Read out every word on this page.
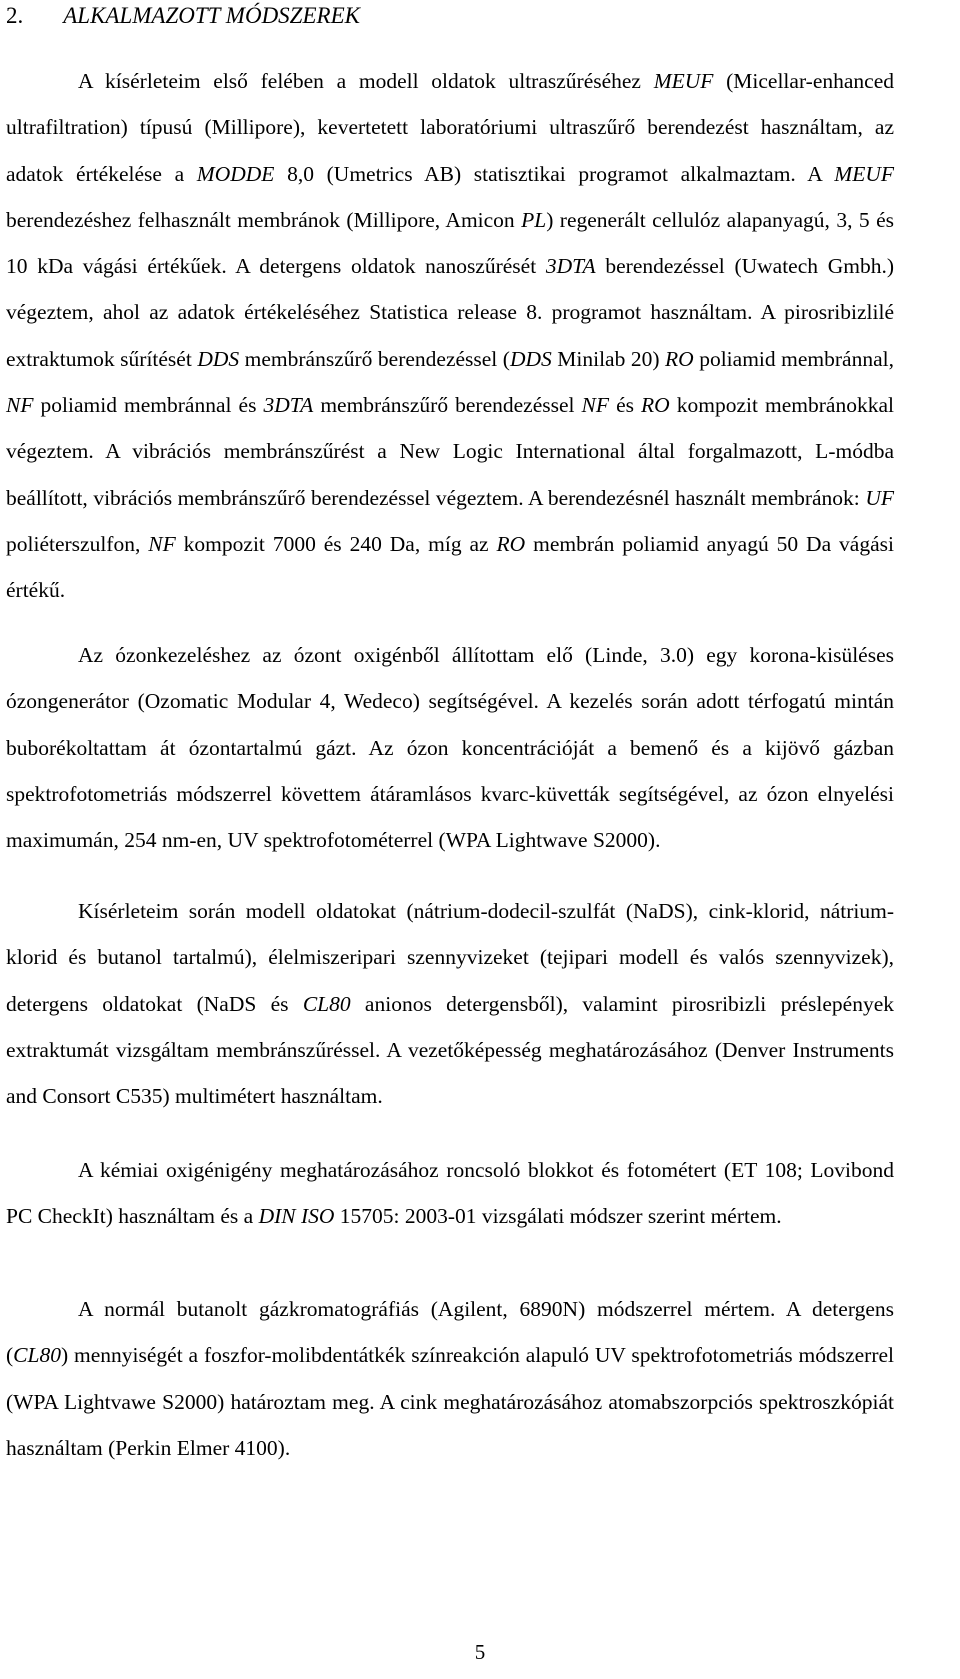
2. ALKALMAZOTT MÓDSZEREK

A kísérleteim első felében a modell oldatok ultraszűréséhez MEUF (Micellar-enhanced ultrafiltration) típusú (Millipore), kevertetett laboratóriumi ultraszűrő berendezést használtam, az adatok értékelése a MODDE 8,0 (Umetrics AB) statisztikai programot alkalmaztam. A MEUF berendezéshez felhasznált membránok (Millipore, Amicon PL) regenerált cellulóz alapanyagú, 3, 5 és 10 kDa vágási értékűek. A detergens oldatok nanoszűrését 3DTA berendezéssel (Uwatech Gmbh.) végeztem, ahol az adatok értékeléséhez Statistica release 8. programot használtam. A pirosribizlilé extraktumok sűrítését DDS membránszűrő berendezéssel (DDS Minilab 20) RO poliamid membránnal, NF poliamid membránnal és 3DTA membránszűrő berendezéssel NF és RO kompozit membránokkal végeztem. A vibrációs membránszűrést a New Logic International által forgalmazott, L-módba beállított, vibrációs membránszűrő berendezéssel végeztem. A berendezésnél használt membránok: UF poliéterszulfon, NF kompozit 7000 és 240 Da, míg az RO membrán poliamid anyagú 50 Da vágási értékű.

Az ózonkezeléshez az ózont oxigénből állítottam elő (Linde, 3.0) egy korona-kisüléses ózongenerátor (Ozomatic Modular 4, Wedeco) segítségével. A kezelés során adott térfogatú mintán buborékoltattam át ózontartalmú gázt. Az ózon koncentrációját a bemenő és a kijövő gázban spektrofotometriás módszerrel követtem átáramlásos kvarc-küvetták segítségével, az ózon elnyelési maximumán, 254 nm-en, UV spektrofotométerrel (WPA Lightwave S2000).

Kísérleteim során modell oldatokat (nátrium-dodecil-szulfát (NaDS), cink-klorid, nátrium-klorid és butanol tartalmú), élelmiszeripari szennyvizeket (tejipari modell és valós szennyvizek), detergens oldatokat (NaDS és CL80 anionos detergensből), valamint pirosribizli préslepények extraktumát vizsgáltam membránszűréssel. A vezetőképesség meghatározásához (Denver Instruments and Consort C535) multimétert használtam.

A kémiai oxigénigény meghatározásához roncsoló blokkot és fotométert (ET 108; Lovibond PC CheckIt) használtam és a DIN ISO 15705: 2003-01 vizsgálati módszer szerint mértem.

A normál butanolt gázkromatográfiás (Agilent, 6890N) módszerrel mértem. A detergens (CL80) mennyiségét a foszfor-molibdentátkék színreakción alapuló UV spektrofotometriás módszerrel (WPA Lightvawe S2000) határoztam meg. A cink meghatározásához atomabszorpciós spektroszkópiát használtam (Perkin Elmer 4100).

5
